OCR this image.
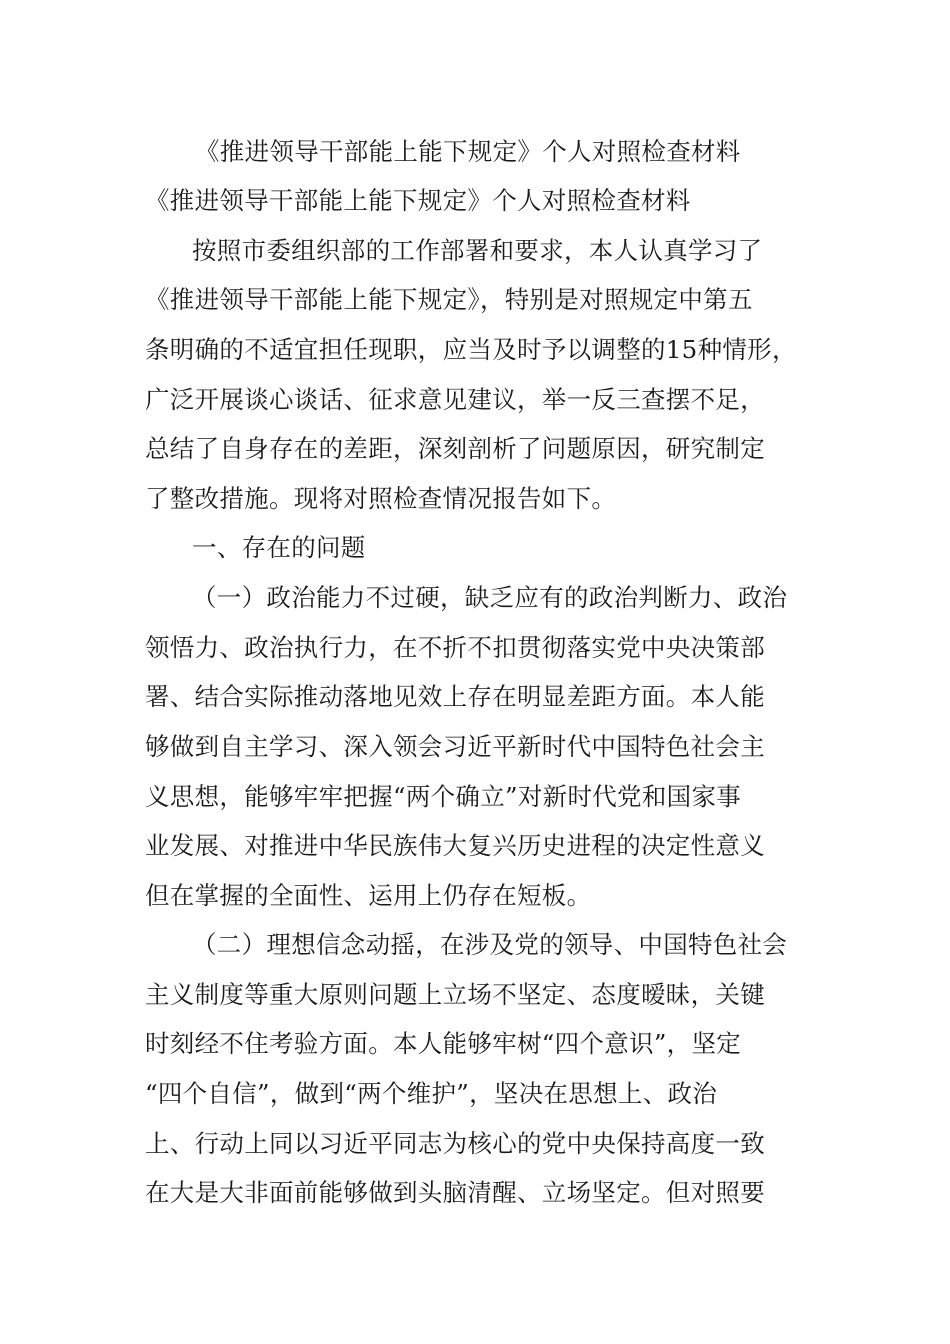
《推进领导干部能上能下规定》个人对照检查材料
《推进领导干部能上能下规定》个人对照检查材料
按照市委组织部的工作部署和要求，本人认真学习了
《推进领导干部能上能下规定》，特别是对照规定中第五
条明确的不适宜担任现职，应当及时予以调整的15种情形，
广泛开展谈心谈话、征求意见建议，举一反三查摆不足，
总结了自身存在的差距，深刻剖析了问题原因，研究制定
了整改措施。现将对照检查情况报告如下。
一、存在的问题
（一）政治能力不过硬，缺乏应有的政治判断力、政治
领悟力、政治执行力，在不折不扣贯彻落实党中央决策部
署、结合实际推动落地见效上存在明显差距方面。本人能
够做到自主学习、深入领会习近平新时代中国特色社会主
义思想，能够牢牢把握“两个确立”对新时代党和国家事
业发展、对推进中华民族伟大复兴历史进程的决定性意义
但在掌握的全面性、运用上仍存在短板。
（二）理想信念动摇，在涉及党的领导、中国特色社会
主义制度等重大原则问题上立场不坚定、态度暧昧，关键
时刻经不住考验方面。本人能够牢树“四个意识”，坚定
“四个自信”，做到“两个维护”，坚决在思想上、政治
上、行动上同以习近平同志为核心的党中央保持高度一致
在大是大非面前能够做到头脑清醒、立场坚定。但对照要
